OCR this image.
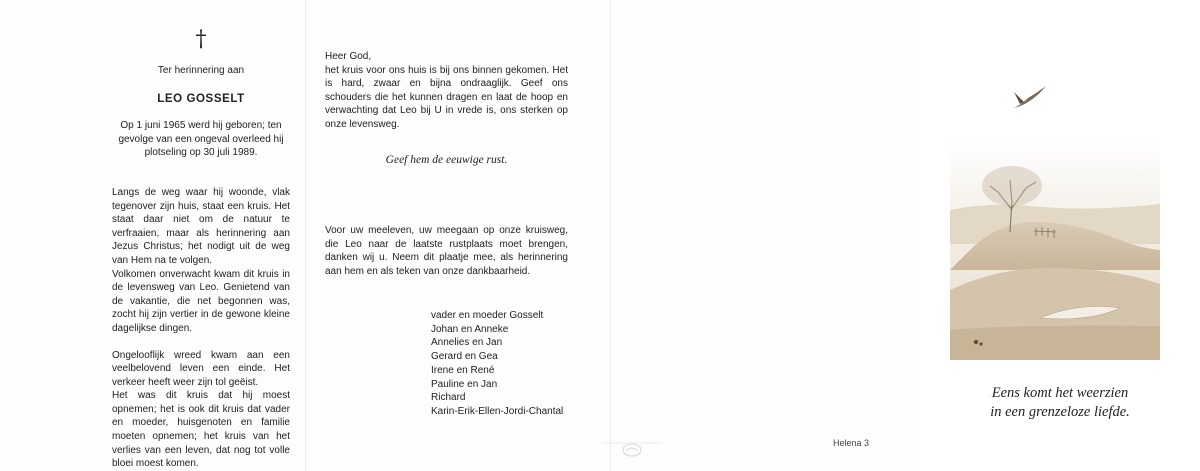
†
Ter herinnering aan
LEO GOSSELT
Op 1 juni 1965 werd hij geboren; ten gevolge van een ongeval overleed hij plotseling op 30 juli 1989.

Langs de weg waar hij woonde, vlak tegenover zijn huis, staat een kruis. Het staat daar niet om de natuur te verfraaien, maar als herinnering aan Jezus Christus; het nodigt uit de weg van Hem na te volgen.

Volkomen onverwacht kwam dit kruis in de levensweg van Leo. Genietend van de vakantie, die net begonnen was, zocht hij zijn vertier in de gewone kleine dagelijkse dingen.

Ongelooflijk wreed kwam aan een veelbelovend leven een einde. Het verkeer heeft weer zijn tol geëist.

Het was dit kruis dat hij moest opnemen; het is ook dit kruis dat vader en moeder, huisgenoten en familie moeten opnemen; het kruis van het verlies van een leven, dat nog tot volle bloei moest komen.

Heer God,

het kruis voor ons huis is bij ons binnen gekomen. Het is hard, zwaar en bijna ondraaglijk. Geef ons schouders die het kunnen dragen en laat de hoop en verwachting dat Leo bij U in vrede is, ons sterken op onze levensweg.

Geef hem de eeuwige rust.

Voor uw meeleven, uw meegaan op onze kruisweg, die Leo naar de laatste rustplaats moet brengen, danken wij u. Neem dit plaatje mee, als herinnering aan hem en als teken van onze dankbaarheid.

vader en moeder Gosselt
Johan en Anneke
Annelies en Jan
Gerard en Gea
Irene en René
Pauline en Jan
Richard
Karin-Erik-Ellen-Jordi-Chantal
Helena 3
Eens komt het weerzien
in een grenzeloze liefde.
